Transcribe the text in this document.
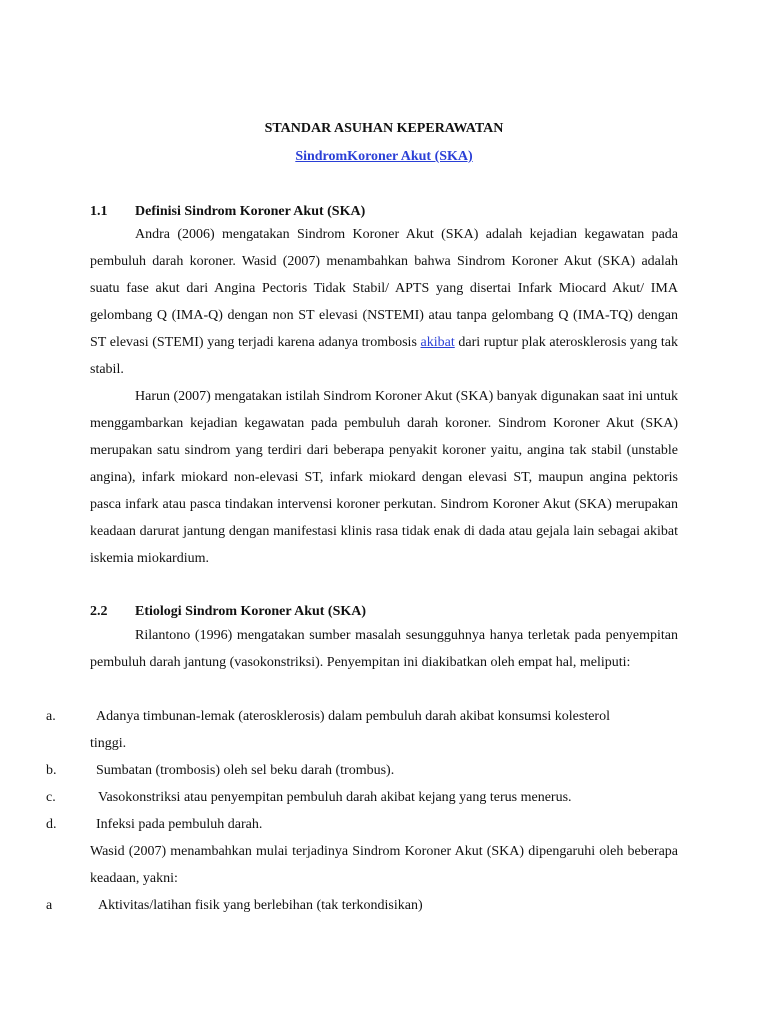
STANDAR ASUHAN KEPERAWATAN
SindromKoroner Akut (SKA)
1.1 Definisi Sindrom Koroner Akut (SKA)

Andra (2006) mengatakan Sindrom Koroner Akut (SKA) adalah kejadian kegawatan pada pembuluh darah koroner. Wasid (2007) menambahkan bahwa Sindrom Koroner Akut (SKA) adalah suatu fase akut dari Angina Pectoris Tidak Stabil/ APTS yang disertai Infark Miocard Akut/ IMA gelombang Q (IMA-Q) dengan non ST elevasi (NSTEMI) atau tanpa gelombang Q (IMA-TQ) dengan ST elevasi (STEMI) yang terjadi karena adanya trombosis akibat dari ruptur plak aterosklerosis yang tak stabil.

Harun (2007) mengatakan istilah Sindrom Koroner Akut (SKA) banyak digunakan saat ini untuk menggambarkan kejadian kegawatan pada pembuluh darah koroner. Sindrom Koroner Akut (SKA) merupakan satu sindrom yang terdiri dari beberapa penyakit koroner yaitu, angina tak stabil (unstable angina), infark miokard non-elevasi ST, infark miokard dengan elevasi ST, maupun angina pektoris pasca infark atau pasca tindakan intervensi koroner perkutan. Sindrom Koroner Akut (SKA) merupakan keadaan darurat jantung dengan manifestasi klinis rasa tidak enak di dada atau gejala lain sebagai akibat iskemia miokardium.

2.2 Etiologi Sindrom Koroner Akut (SKA)

Rilantono (1996) mengatakan sumber masalah sesungguhnya hanya terletak pada penyempitan pembuluh darah jantung (vasokonstriksi). Penyempitan ini diakibatkan oleh empat hal, meliputi:

a.	Adanya timbunan-lemak (aterosklerosis) dalam pembuluh darah akibat konsumsi kolesterol
tinggi.
b.	Sumbatan (trombosis) oleh sel beku darah (trombus).
c.	Vasokonstriksi atau penyempitan pembuluh darah akibat kejang yang terus menerus.
d.	Infeksi pada pembuluh darah.

Wasid (2007) menambahkan mulai terjadinya Sindrom Koroner Akut (SKA) dipengaruhi oleh beberapa keadaan, yakni:

a	Aktivitas/latihan fisik yang berlebihan (tak terkondisikan)
